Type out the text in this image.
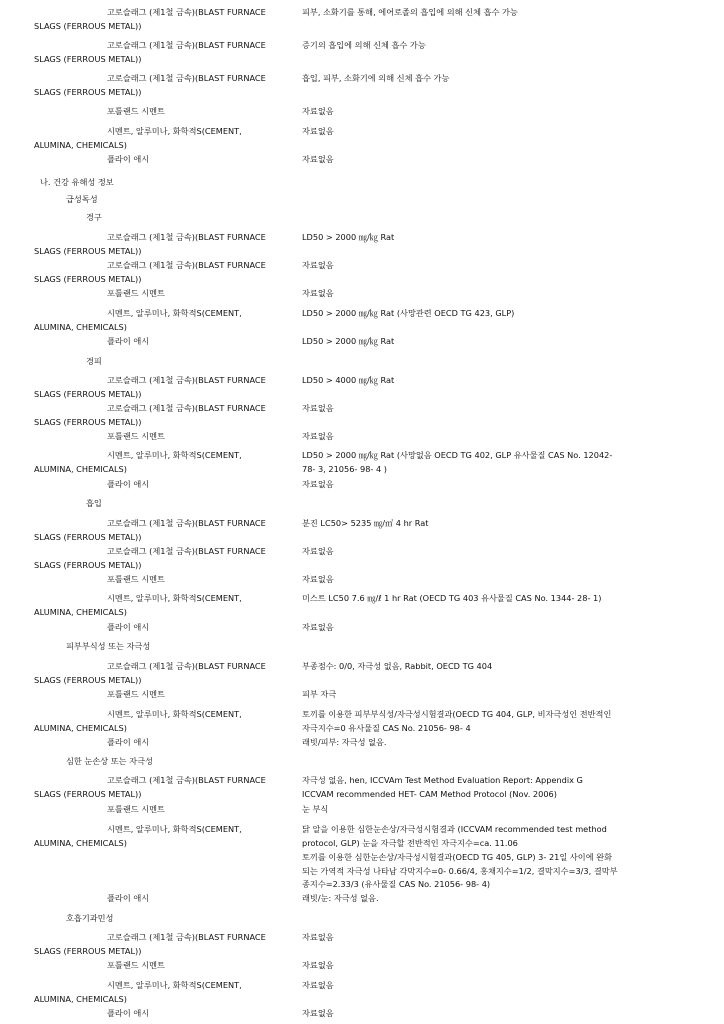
고로슬래그 (제1철 금속)(BLAST FURNACE	피부, 소화기를 통해, 에어로졸의 흡입에 의해 신체 흡수 가능
SLAGS (FERROUS METAL))
고로슬래그 (제1철 금속)(BLAST FURNACE	증기의 흡입에 의해 신체 흡수 가능
SLAGS (FERROUS METAL))
고로슬래그 (제1철 금속)(BLAST FURNACE	흡입, 피부, 소화기에 의해 신체 흡수 가능
SLAGS (FERROUS METAL))
포틀랜드 시멘트	자료없음
시멘트, 알루미나, 화학적S(CEMENT,	자료없음
ALUMINA, CHEMICALS)
플라이 애시	자료없음
나. 건강 유해성 정보
급성독성
경구
고로슬래그 (제1철 금속)(BLAST FURNACE	LD50 > 2000 ㎎/㎏ Rat
SLAGS (FERROUS METAL))
고로슬래그 (제1철 금속)(BLAST FURNACE	자료없음
SLAGS (FERROUS METAL))
포틀랜드 시멘트	자료없음
시멘트, 알루미나, 화학적S(CEMENT,	LD50 > 2000 ㎎/㎏ Rat (사망관련 OECD TG 423, GLP)
ALUMINA, CHEMICALS)
플라이 애시	LD50 > 2000 ㎎/㎏ Rat
경피
고로슬래그 (제1철 금속)(BLAST FURNACE	LD50 > 4000 ㎎/㎏ Rat
SLAGS (FERROUS METAL))
고로슬래그 (제1철 금속)(BLAST FURNACE	자료없음
SLAGS (FERROUS METAL))
포틀랜드 시멘트	자료없음
시멘트, 알루미나, 화학적S(CEMENT,	LD50 > 2000 ㎎/㎏ Rat (사망없음 OECD TG 402, GLP 유사물질 CAS No. 12042-
ALUMINA, CHEMICALS)	78- 3, 21056- 98- 4 )
플라이 애시	자료없음
흡입
고로슬래그 (제1철 금속)(BLAST FURNACE	분진 LC50> 5235 ㎎/㎥ 4 hr Rat
SLAGS (FERROUS METAL))
고로슬래그 (제1철 금속)(BLAST FURNACE	자료없음
SLAGS (FERROUS METAL))
포틀랜드 시멘트	자료없음
시멘트, 알루미나, 화학적S(CEMENT,	미스트 LC50 7.6 ㎎/ℓ 1 hr Rat (OECD TG 403 유사물질 CAS No. 1344- 28- 1)
ALUMINA, CHEMICALS)
플라이 애시	자료없음
피부부식성 또는 자극성
고로슬래그 (제1철 금속)(BLAST FURNACE	부종점수: 0/0, 자극성 없음, Rabbit, OECD TG 404
SLAGS (FERROUS METAL))
포틀랜드 시멘트	피부 자극
시멘트, 알루미나, 화학적S(CEMENT,	토끼를 이용한 피부부식성/자극성시험결과(OECD TG 404, GLP, 비자극성인 전반적인
ALUMINA, CHEMICALS)	자극지수=0 유사물질 CAS No. 21056- 98- 4
플라이 애시	래빗/피부: 자극성 없음.
심한 눈손상 또는 자극성
고로슬래그 (제1철 금속)(BLAST FURNACE	자극성 없음, hen, ICCVAm Test Method Evaluation Report: Appendix G
SLAGS (FERROUS METAL))	ICCVAM recommended HET- CAM Method Protocol (Nov. 2006)
포틀랜드 시멘트	눈 부식
시멘트, 알루미나, 화학적S(CEMENT,	닭 알을 이용한 심한눈손상/자극성시험결과 (ICCVAM recommended test method
ALUMINA, CHEMICALS)	protocol, GLP) 눈을 자극할 전반적인 자극지수=ca. 11.06
토끼를 이용한 심한눈손상/자극성시험결과(OECD TG 405, GLP) 3- 21일 사이에 완화
되는 가역적 자극성 나타남 각막지수=0- 0.66/4, 홍채지수=1/2, 결막지수=3/3, 결막부
종지수=2.33/3 (유사물질 CAS No. 21056- 98- 4)
플라이 애시	래빗/눈: 자극성 없음.
호흡기과민성
고로슬래그 (제1철 금속)(BLAST FURNACE	자료없음
SLAGS (FERROUS METAL))
포틀랜드 시멘트	자료없음
시멘트, 알루미나, 화학적S(CEMENT,	자료없음
ALUMINA, CHEMICALS)
플라이 애시	자료없음
